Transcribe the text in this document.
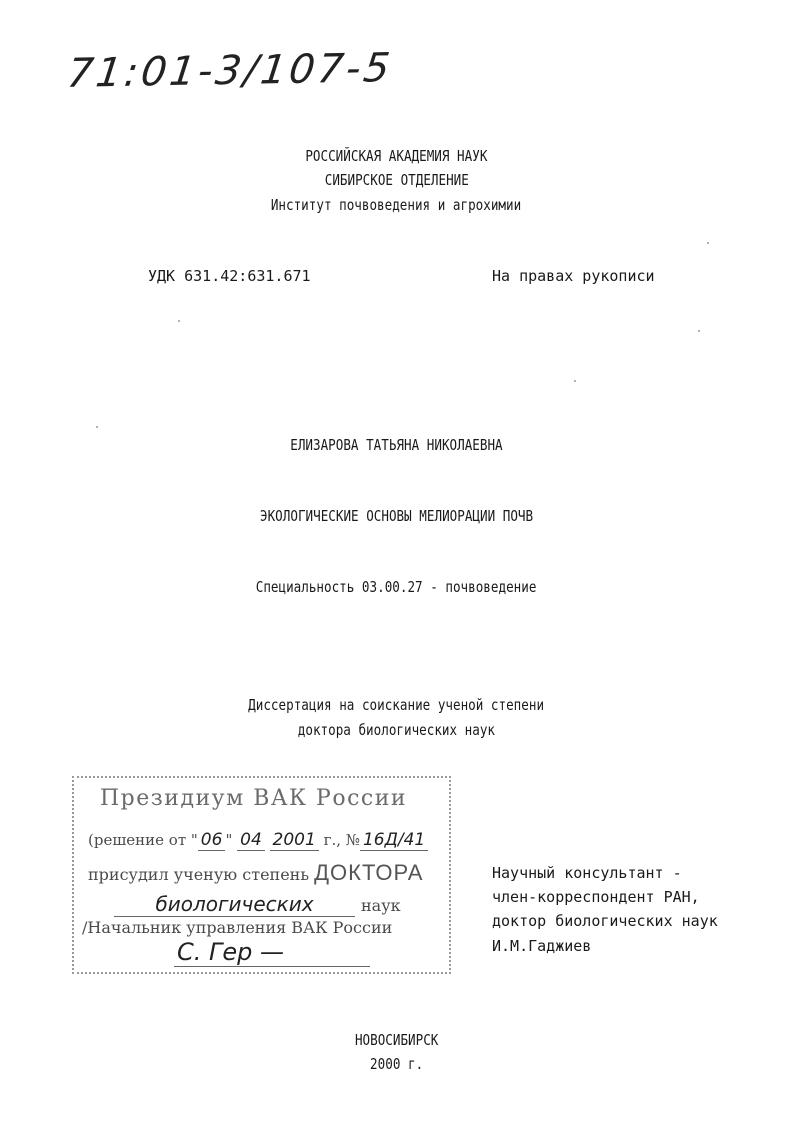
71:01-3/107-5
РОССИЙСКАЯ АКАДЕМИЯ НАУК
СИБИРСКОЕ ОТДЕЛЕНИЕ
Институт почвоведения и агрохимии
УДК 631.42:631.671	На правах рукописи
ЕЛИЗАРОВА ТАТЬЯНА НИКОЛАЕВНА
ЭКОЛОГИЧЕСКИЕ ОСНОВЫ МЕЛИОРАЦИИ ПОЧВ
Специальность 03.00.27 - почвоведение
Диссертация на соискание ученой степени
доктора биологических наук
Президиум ВАК России
(решение от " 06 " 04 2001 г., № 16Д/41
присудил ученую степень ДОКТОРА
биологических	наук
/Начальник управления ВАК России
С. Гер —
Научный консультант -
член-корреспондент РАН,
доктор биологических наук
И.М.Гаджиев
НОВОСИБИРСК
2000 г.
